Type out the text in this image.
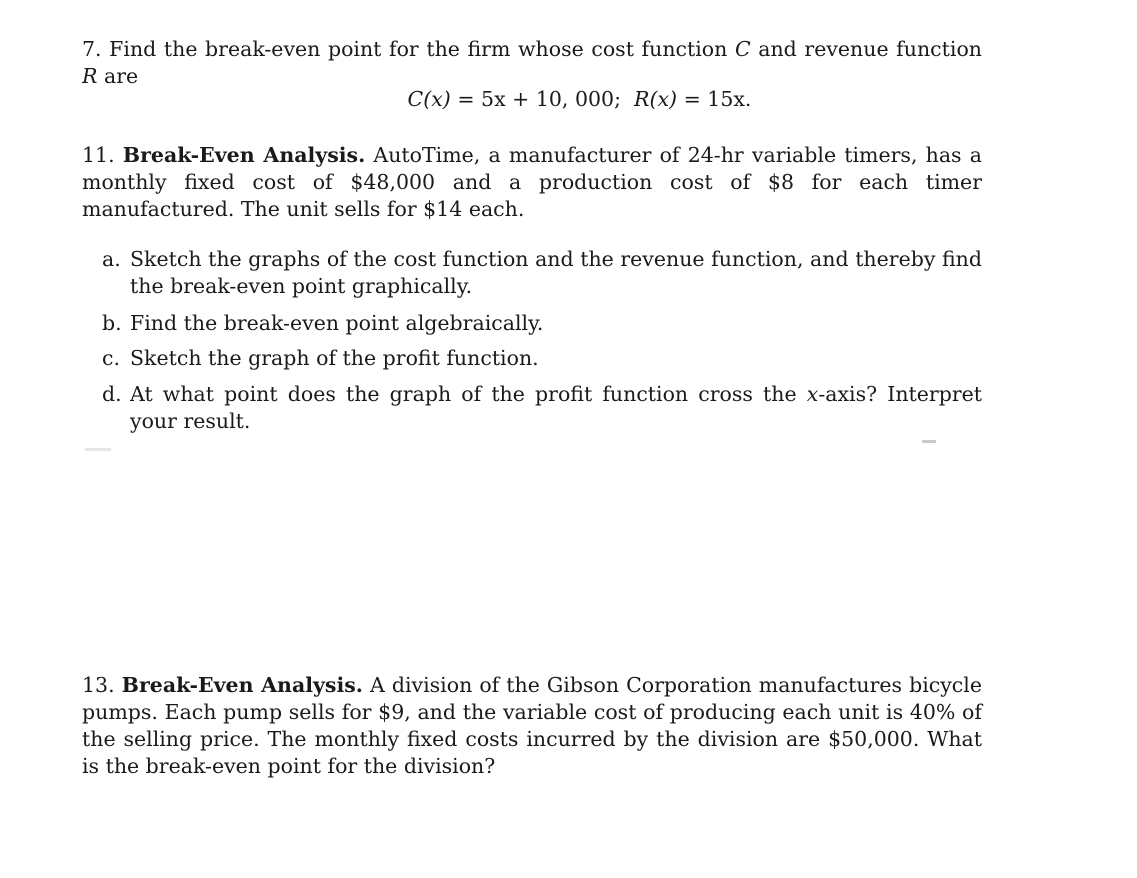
7. Find the break-even point for the firm whose cost function C and revenue function R are
C(x) = 5x + 10, 000; R(x) = 15x.
11. Break-Even Analysis. AutoTime, a manufacturer of 24-hr variable timers, has a monthly fixed cost of $48,000 and a production cost of $8 for each timer manufactured. The unit sells for $14 each.
a. Sketch the graphs of the cost function and the revenue function, and thereby find the break-even point graphically.
b. Find the break-even point algebraically.
c. Sketch the graph of the profit function.
d. At what point does the graph of the profit function cross the x-axis? Interpret your result.
13. Break-Even Analysis. A division of the Gibson Corporation manufactures bicycle pumps. Each pump sells for $9, and the variable cost of producing each unit is 40% of the selling price. The monthly fixed costs incurred by the division are $50,000. What is the break-even point for the division?
